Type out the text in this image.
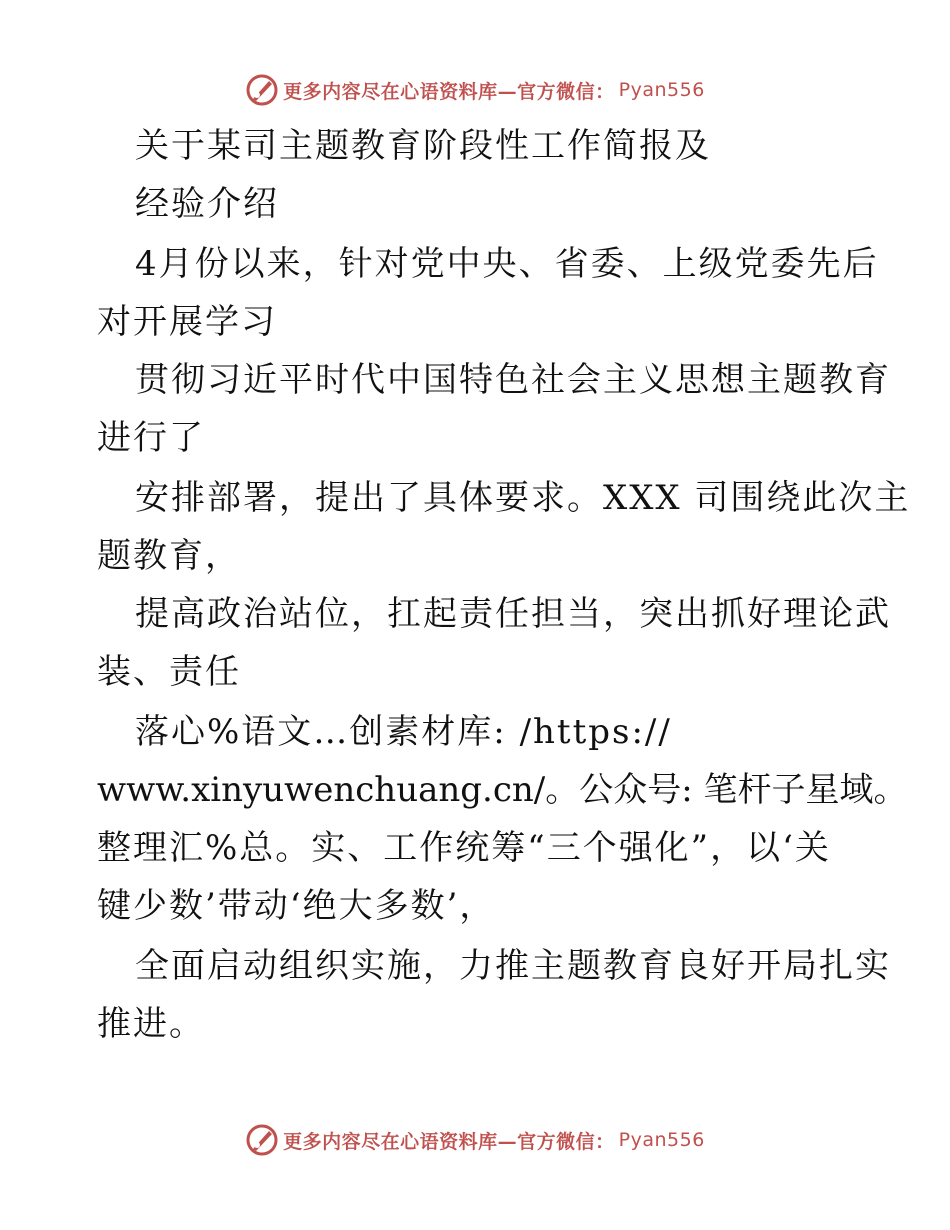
更多内容尽在心语资料库—官方微信： Pyan556
关于某司主题教育阶段性工作简报及
经验介绍
4月份以来，针对党中央、省委、上级党委先后
对开展学习
贯彻习近平时代中国特色社会主义思想主题教育
进行了
安排部署，提出了具体要求。XXX 司围绕此次主
题教育，
提高政治站位，扛起责任担当，突出抓好理论武
装、责任
落心%语文…创素材库: /https://
www.xinyuwenchuang.cn/。公众号: 笔杆子星域。
整理汇%总。实、工作统筹“三个强化”，以‘关
键少数’带动‘绝大多数’，
全面启动组织实施，力推主题教育良好开局扎实
推进。
更多内容尽在心语资料库—官方微信： Pyan556
